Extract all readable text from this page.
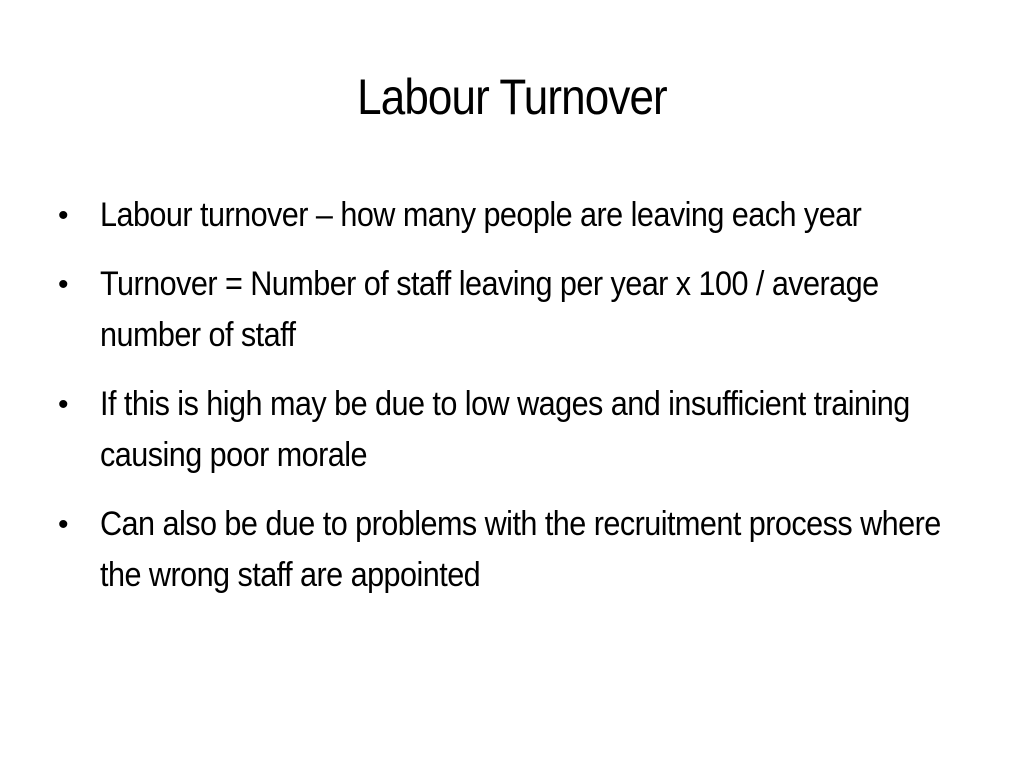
Labour Turnover
• Labour turnover – how many people are leaving each year
• Turnover = Number of staff leaving per year x 100 / average number of staff
• If this is high may be due to low wages and insufficient training causing poor morale
• Can also be due to problems with the recruitment process where the wrong staff are appointed
